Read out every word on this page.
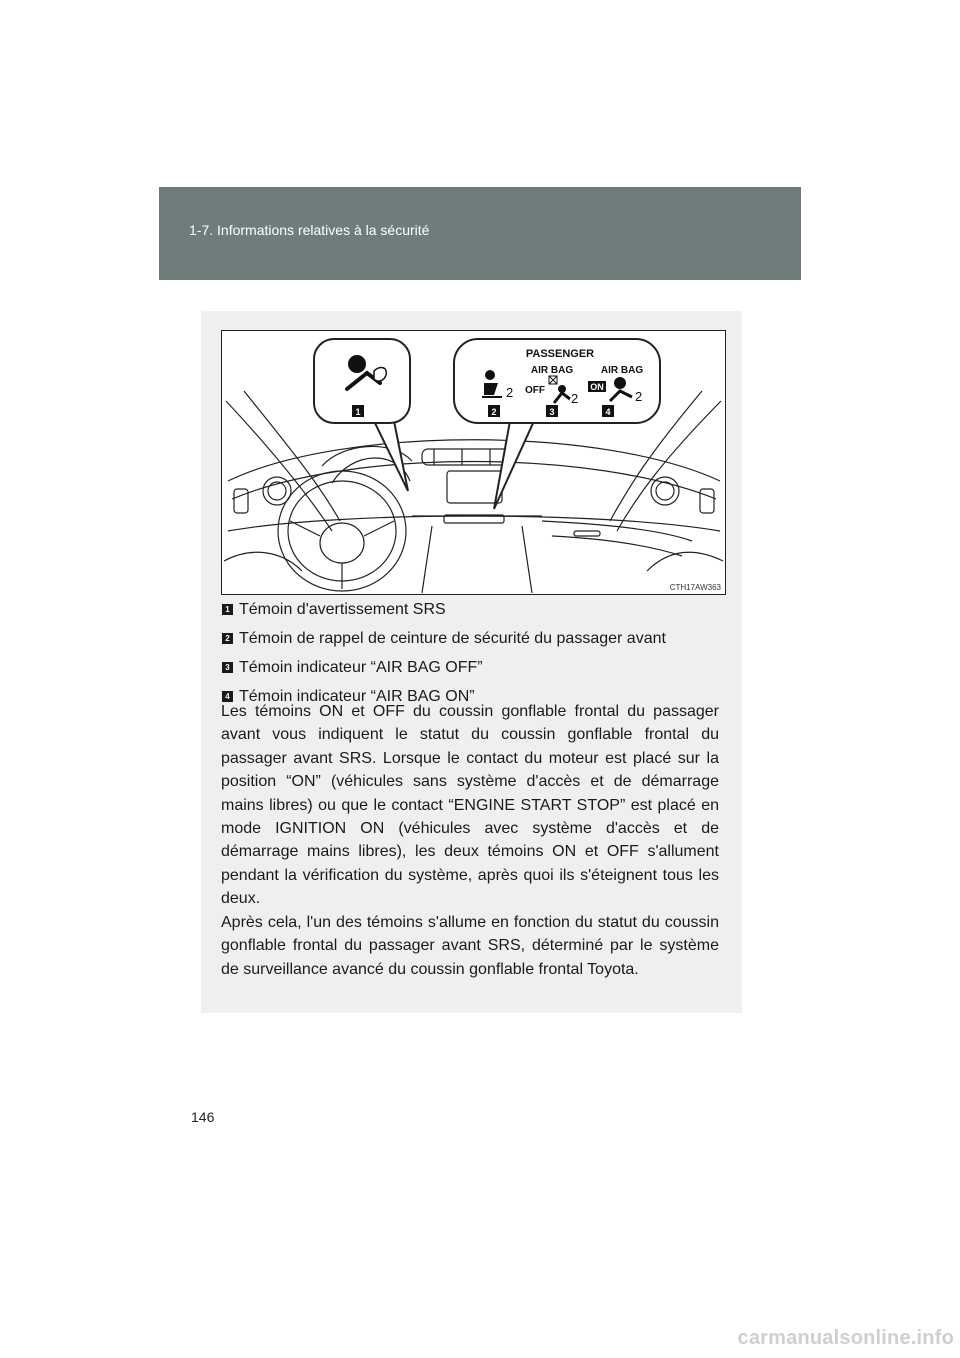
1-7. Informations relatives à la sécurité
1
PASSENGER
AIR BAG	AIR BAG
2 OFF
2
ON
2
2	3	4
CTH17AW363
1 Témoin d'avertissement SRS
2 Témoin de rappel de ceinture de sécurité du passager avant
3 Témoin indicateur “AIR BAG OFF”
4 Témoin indicateur “AIR BAG ON”

Les témoins ON et OFF du coussin gonflable frontal du passager avant vous indiquent le statut du coussin gonflable frontal du passager avant SRS. Lorsque le contact du moteur est placé sur la position “ON” (véhicules sans système d'accès et de démarrage mains libres) ou que le contact “ENGINE START STOP” est placé en mode IGNITION ON (véhicules avec système d'accès et de démarrage mains libres), les deux témoins ON et OFF s'allument pendant la vérification du système, après quoi ils s'éteignent tous les deux.

Après cela, l'un des témoins s'allume en fonction du statut du coussin gonflable frontal du passager avant SRS, déterminé par le système de surveillance avancé du coussin gonflable frontal Toyota.

146
carmanualsonline.info
